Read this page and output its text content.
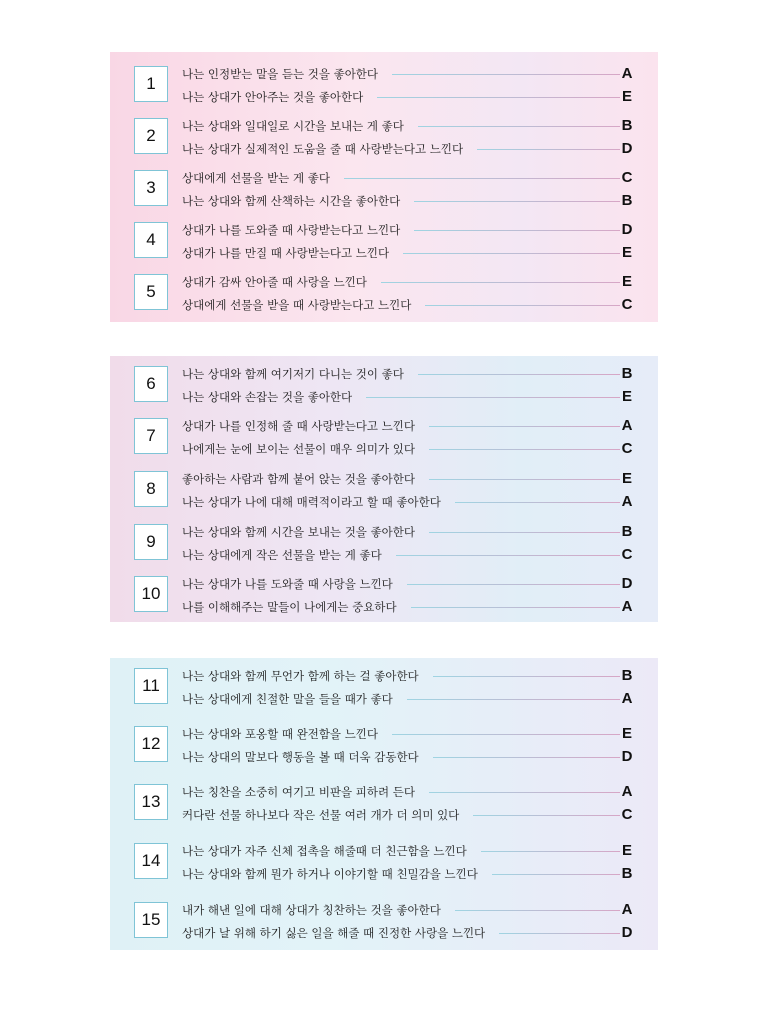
1	나는 인정받는 말을 듣는 것을 좋아한다	A
나는 상대가 안아주는 것을 좋아한다	E
2	나는 상대와 일대일로 시간을 보내는 게 좋다	B
나는 상대가 실제적인 도움을 줄 때 사랑받는다고 느낀다	D
3	상대에게 선물을 받는 게 좋다	C
나는 상대와 함께 산책하는 시간을 좋아한다	B
4	상대가 나를 도와줄 때 사랑받는다고 느낀다	D
상대가 나를 만질 때 사랑받는다고 느낀다	E
5	상대가 감싸 안아줄 때 사랑을 느낀다	E
상대에게 선물을 받을 때 사랑받는다고 느낀다	C
6	나는 상대와 함께 여기저기 다니는 것이 좋다	B
나는 상대와 손잡는 것을 좋아한다	E
7	상대가 나를 인정해 줄 때 사랑받는다고 느낀다	A
나에게는 눈에 보이는 선물이 매우 의미가 있다	C
8	좋아하는 사람과 함께 붙어 앉는 것을 좋아한다	E
나는 상대가 나에 대해 매력적이라고 할 때 좋아한다	A
9	나는 상대와 함께 시간을 보내는 것을 좋아한다	B
나는 상대에게 작은 선물을 받는 게 좋다	C
10	나는 상대가 나를 도와줄 때 사랑을 느낀다	D
나를 이해해주는 말들이 나에게는 중요하다	A
11	나는 상대와 함께 무언가 함께 하는 걸 좋아한다	B
나는 상대에게 친절한 말을 들을 때가 좋다	A
12	나는 상대와 포옹할 때 완전함을 느낀다	E
나는 상대의 말보다 행동을 볼 때 더욱 감동한다	D
13	나는 칭찬을 소중히 여기고 비판을 피하려 든다	A
커다란 선물 하나보다 작은 선물 여러 개가 더 의미 있다	C
14	나는 상대가 자주 신체 접촉을 해줄때 더 친근함을 느낀다	E
나는 상대와 함께 뭔가 하거나 이야기할 때 친밀감을 느낀다	B
15	내가 해낸 일에 대해 상대가 칭찬하는 것을 좋아한다	A
상대가 날 위해 하기 싫은 일을 해줄 때 진정한 사랑을 느낀다	D
